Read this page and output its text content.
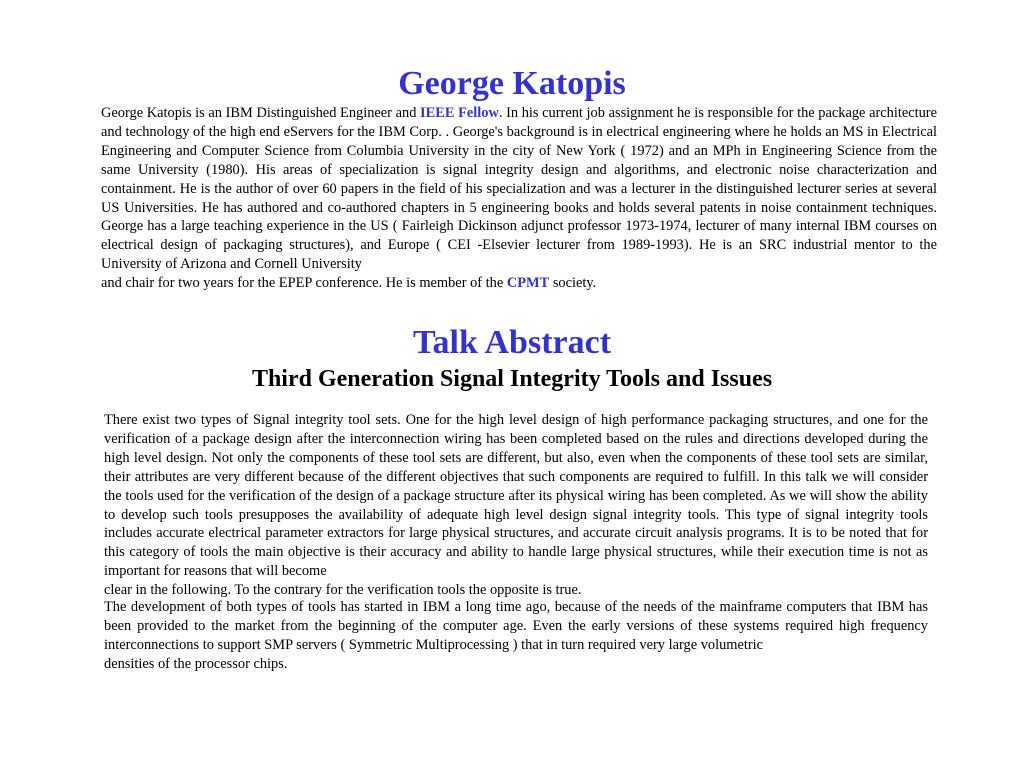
George Katopis

George Katopis is an IBM Distinguished Engineer and IEEE Fellow. In his current job assignment he is responsible for the package architecture and technology of the high end eServers for the IBM Corp. . George's background is in electrical engineering where he holds an MS in Electrical Engineering and Computer Science from Columbia University in the city of New York ( 1972) and an MPh in Engineering Science from the same University (1980). His areas of specialization is signal integrity design and algorithms, and electronic noise characterization and containment. He is the author of over 60 papers in the field of his specialization and was a lecturer in the distinguished lecturer series at several US Universities. He has authored and co-authored chapters in 5 engineering books and holds several patents in noise containment techniques. George has a large teaching experience in the US ( Fairleigh Dickinson adjunct professor 1973-1974, lecturer of many internal IBM courses on electrical design of packaging structures), and Europe ( CEI -Elsevier lecturer from 1989-1993). He is an SRC industrial mentor to the University of Arizona and Cornell University
and chair for two years for the EPEP conference. He is member of the CPMT society.

Talk Abstract
Third Generation Signal Integrity Tools and Issues

There exist two types of Signal integrity tool sets. One for the high level design of high performance packaging structures, and one for the verification of a package design after the interconnection wiring has been completed based on the rules and directions developed during the high level design. Not only the components of these tool sets are different, but also, even when the components of these tool sets are similar, their attributes are very different because of the different objectives that such components are required to fulfill. In this talk we will consider the tools used for the verification of the design of a package structure after its physical wiring has been completed. As we will show the ability to develop such tools presupposes the availability of adequate high level design signal integrity tools. This type of signal integrity tools includes accurate electrical parameter extractors for large physical structures, and accurate circuit analysis programs. It is to be noted that for this category of tools the main objective is their accuracy and ability to handle large physical structures, while their execution time is not as important for reasons that will become
clear in the following. To the contrary for the verification tools the opposite is true.

The development of both types of tools has started in IBM a long time ago, because of the needs of the mainframe computers that IBM has been provided to the market from the beginning of the computer age. Even the early versions of these systems required high frequency interconnections to support SMP servers ( Symmetric Multiprocessing ) that in turn required very large volumetric
densities of the processor chips.
